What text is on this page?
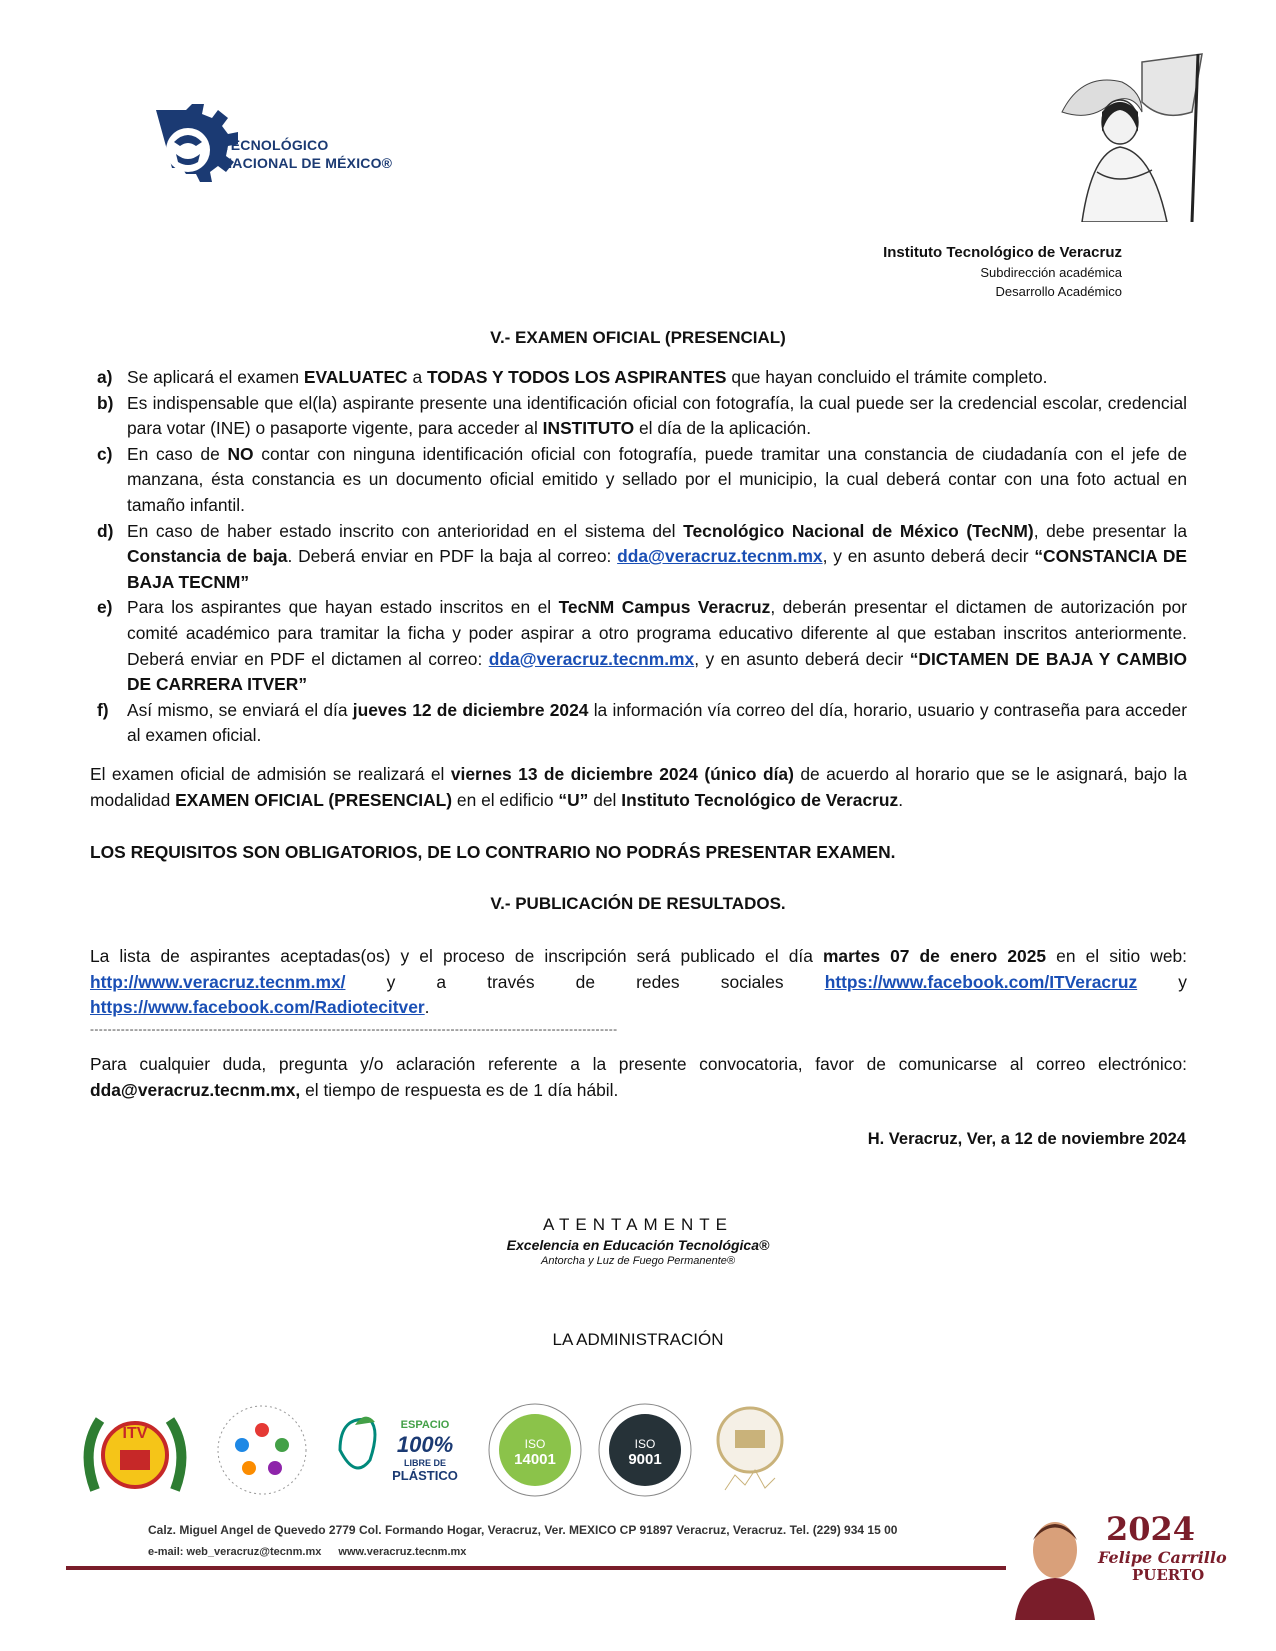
TECNOLÓGICO
NACIONAL DE MÉXICO®
Instituto Tecnológico de Veracruz
Subdirección académica
Desarrollo Académico
V.- EXAMEN OFICIAL (PRESENCIAL)
a) Se aplicará el examen EVALUATEC a TODAS Y TODOS LOS ASPIRANTES que hayan concluido el trámite completo.
b) Es indispensable que el(la) aspirante presente una identificación oficial con fotografía, la cual puede ser la credencial escolar, credencial para votar (INE) o pasaporte vigente, para acceder al INSTITUTO el día de la aplicación.
c) En caso de NO contar con ninguna identificación oficial con fotografía, puede tramitar una constancia de ciudadanía con el jefe de manzana, ésta constancia es un documento oficial emitido y sellado por el municipio, la cual deberá contar con una foto actual en tamaño infantil.
d) En caso de haber estado inscrito con anterioridad en el sistema del Tecnológico Nacional de México (TecNM), debe presentar la Constancia de baja. Deberá enviar en PDF la baja al correo: dda@veracruz.tecnm.mx, y en asunto deberá decir “CONSTANCIA DE BAJA TECNM”
e) Para los aspirantes que hayan estado inscritos en el TecNM Campus Veracruz, deberán presentar el dictamen de autorización por comité académico para tramitar la ficha y poder aspirar a otro programa educativo diferente al que estaban inscritos anteriormente. Deberá enviar en PDF el dictamen al correo: dda@veracruz.tecnm.mx, y en asunto deberá decir “DICTAMEN DE BAJA Y CAMBIO DE CARRERA ITVER”
f)	Así mismo, se enviará el día jueves 12 de diciembre 2024 la información vía correo del día, horario, usuario y contraseña para acceder al examen oficial.
El examen oficial de admisión se realizará el viernes 13 de diciembre 2024 (único día) de acuerdo al horario que se le asignará, bajo la modalidad EXAMEN OFICIAL (PRESENCIAL) en el edificio “U” del Instituto Tecnológico de Veracruz.
LOS REQUISITOS SON OBLIGATORIOS, DE LO CONTRARIO NO PODRÁS PRESENTAR EXAMEN.
V.- PUBLICACIÓN DE RESULTADOS.
La lista de aspirantes aceptadas(os) y el proceso de inscripción será publicado el día martes 07 de enero 2025 en el sitio web: http://www.veracruz.tecnm.mx/ y a través de redes sociales https://www.facebook.com/ITVeracruz y https://www.facebook.com/Radiotecitver.
------------------------------------------------------------------------------------------------------------------------
Para cualquier duda, pregunta y/o aclaración referente a la presente convocatoria, favor de comunicarse al correo electrónico: dda@veracruz.tecnm.mx, el tiempo de respuesta es de 1 día hábil.
H. Veracruz, Ver, a 12 de noviembre 2024
ATENTAMENTE
Excelencia en Educación Tecnológica®
Antorcha y Luz de Fuego Permanente®
LA ADMINISTRACIÓN
ITV	ESPACIO
100%
LIBRE DE
PLÁSTICO
ISO
14001
ISO
9001
Calz. Miguel Angel de Quevedo 2779 Col. Formando Hogar, Veracruz, Ver. MEXICO CP 91897 Veracruz, Veracruz. Tel. (229) 934 15 00
e-mail: web_veracruz@tecnm.mx www.veracruz.tecnm.mx
2024
Felipe Carrillo
PUERTO
